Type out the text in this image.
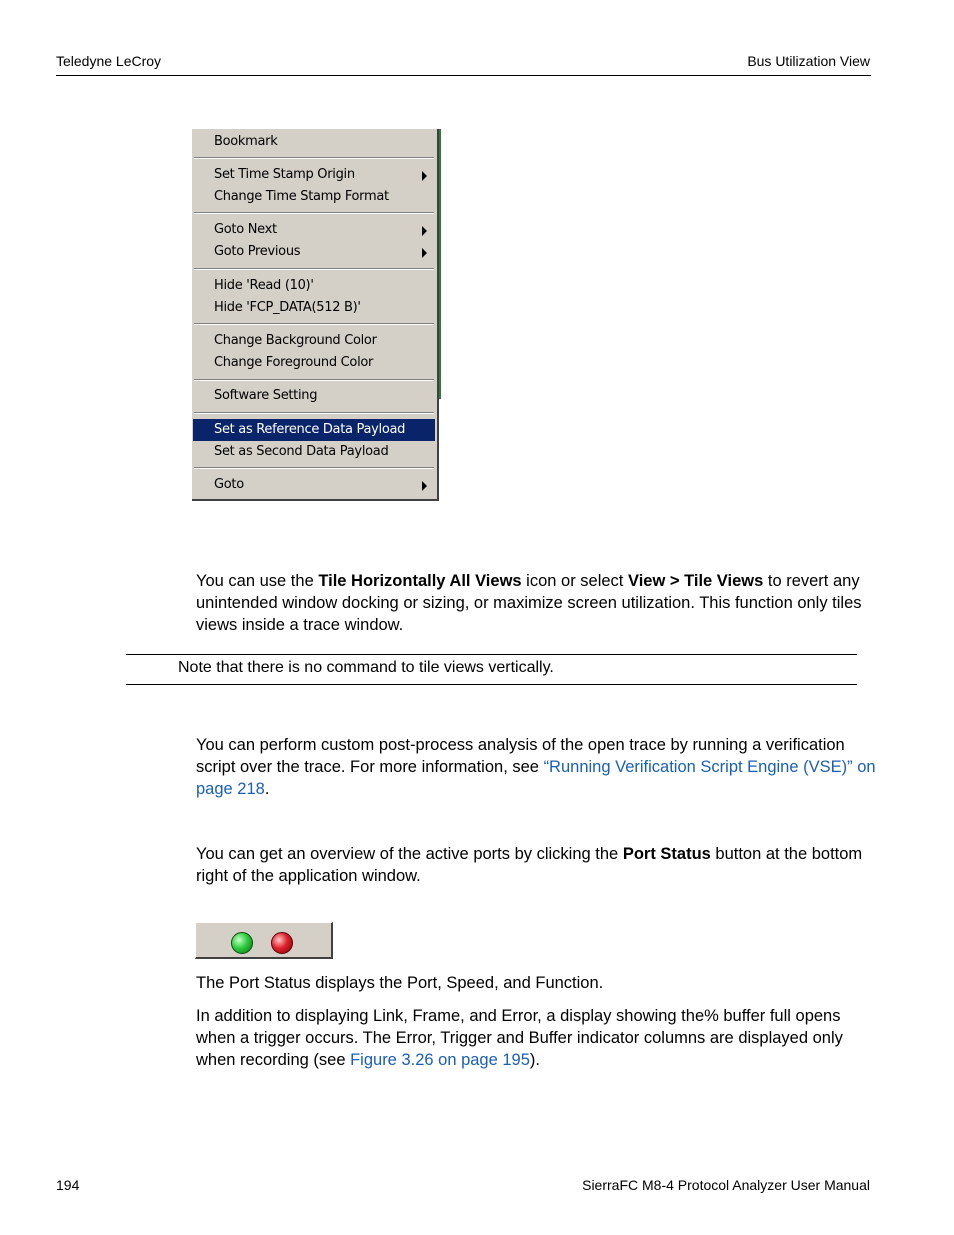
Teledyne LeCroy	Bus Utilization View
Bookmark
Set Time Stamp Origin
Change Time Stamp Format
Goto Next
Goto Previous
Hide 'Read (10)'
Hide 'FCP_DATA(512 B)'
Change Background Color
Change Foreground Color
Software Setting
Set as Reference Data Payload
Set as Second Data Payload
Goto
You can use the Tile Horizontally All Views icon or select View > Tile Views to revert any unintended window docking or sizing, or maximize screen utilization. This function only tiles views inside a trace window.
Note that there is no command to tile views vertically.
You can perform custom post-process analysis of the open trace by running a verification script over the trace. For more information, see “Running Verification Script Engine (VSE)” on page 218.
You can get an overview of the active ports by clicking the Port Status button at the bottom right of the application window.
The Port Status displays the Port, Speed, and Function.
In addition to displaying Link, Frame, and Error, a display showing the% buffer full opens when a trigger occurs. The Error, Trigger and Buffer indicator columns are displayed only when recording (see Figure 3.26 on page 195).
194	SierraFC M8-4 Protocol Analyzer User Manual
